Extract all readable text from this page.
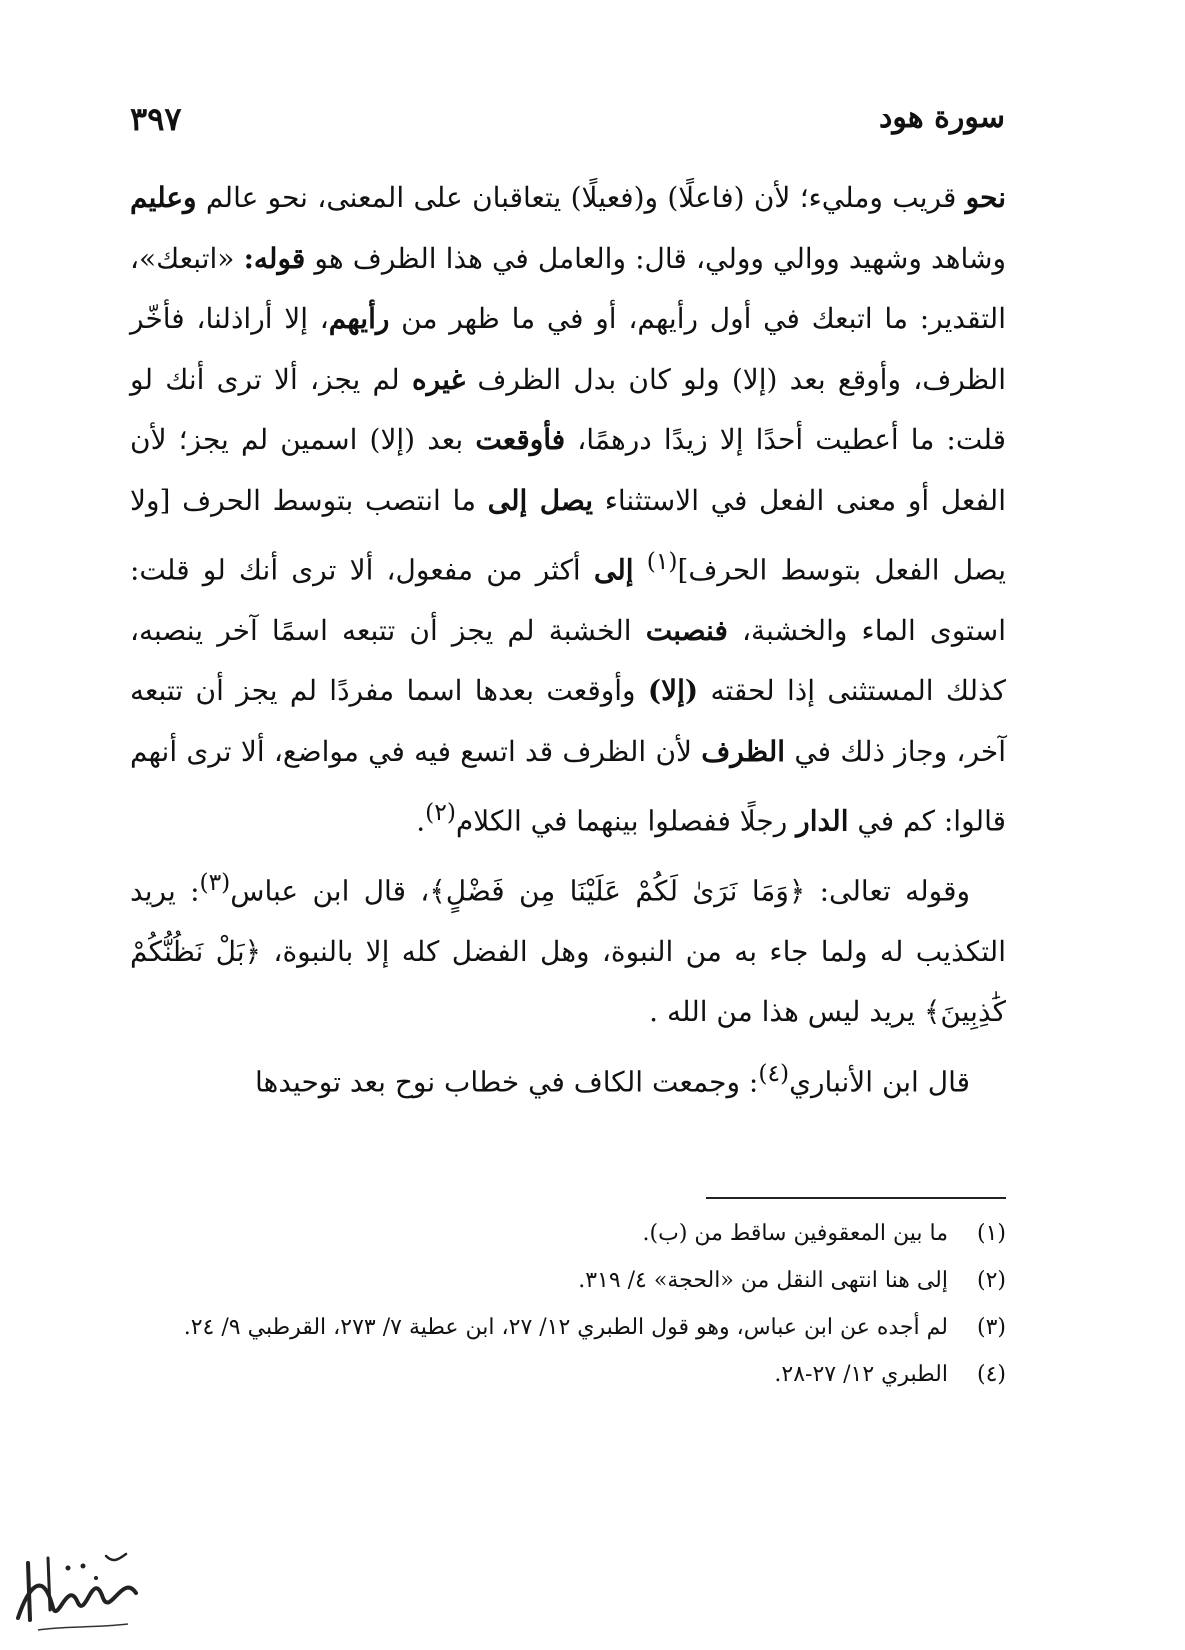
سورة هود
٣٩٧

نحو قريب ومليء؛ لأن (فاعلًا) و(فعيلًا) يتعاقبان على المعنى، نحو عالم وعليم وشاهد وشهيد ووالي وولي، قال: والعامل في هذا الظرف هو قوله: «اتبعك»، التقدير: ما اتبعك في أول رأيهم، أو في ما ظهر من رأيهم، إلا أراذلنا، فأخّر الظرف، وأوقع بعد (إلا) ولو كان بدل الظرف غيره لم يجز، ألا ترى أنك لو قلت: ما أعطيت أحدًا إلا زيدًا درهمًا، فأوقعت بعد (إلا) اسمين لم يجز؛ لأن الفعل أو معنى الفعل في الاستثناء يصل إلى ما انتصب بتوسط الحرف [ولا يصل الفعل بتوسط الحرف]$^{(١)}$ إلى أكثر من مفعول، ألا ترى أنك لو قلت: استوى الماء والخشبة، فنصبت الخشبة لم يجز أن تتبعه اسمًا آخر ينصبه، كذلك المستثنى إذا لحقته (إلا) وأوقعت بعدها اسما مفردًا لم يجز أن تتبعه آخر، وجاز ذلك في الظرف لأن الظرف قد اتسع فيه في مواضع، ألا ترى أنهم قالوا: كم في الدار رجلًا ففصلوا بينهما في الكلام$^{(٢)}$.

وقوله تعالى: ﴿وَمَا نَرَىٰ لَكُمْ عَلَيْنَا مِن فَضْلٍ﴾، قال ابن عباس$^{(٣)}$: يريد التكذيب له ولما جاء به من النبوة، وهل الفضل كله إلا بالنبوة، ﴿بَلْ نَظُنُّكُمْ كَٰذِبِينَ﴾ يريد ليس هذا من الله .

قال ابن الأنباري$^{(٤)}$: وجمعت الكاف في خطاب نوح بعد توحيدها

(١)
ما بين المعقوفين ساقط من (ب).

(٢)
إلى هنا انتهى النقل من «الحجة» ٤/ ٣١٩.

(٣)
لم أجده عن ابن عباس، وهو قول الطبري ١٢/ ٢٧، ابن عطية ٧/ ٢٧٣، القرطبي ٩/ ٢٤.

(٤)
الطبري ١٢/ ٢٧-٢٨.
